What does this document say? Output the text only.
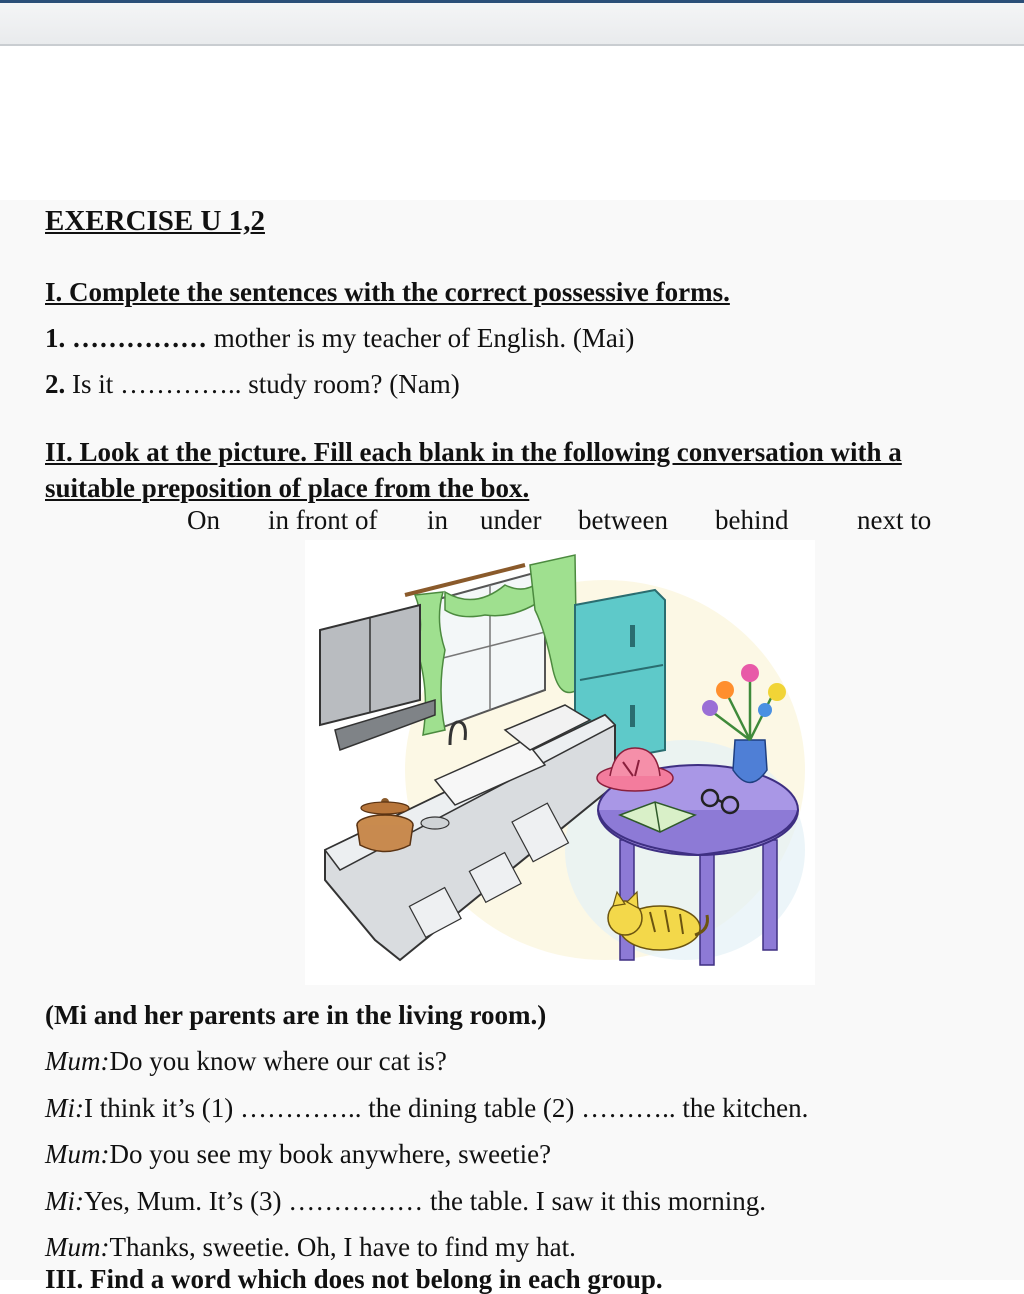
EXERCISE U 1,2
I. Complete the sentences with the correct possessive forms.
1. …………… mother is my teacher of English. (Mai)
2. Is it ………….. study room? (Nam)
II. Look at the picture. Fill each blank in the following conversation with a
suitable preposition of place from the box.
On in front of in under between behind	next to
(Mi and her parents are in the living room.)
Mum:Do you know where our cat is?
Mi:I think it’s (1) ………….. the dining table (2) ……….. the kitchen.
Mum:Do you see my book anywhere, sweetie?
Mi:Yes, Mum. It’s (3) …………… the table. I saw it this morning.
Mum:Thanks, sweetie. Oh, I have to find my hat.
III. Find a word which does not belong in each group.
